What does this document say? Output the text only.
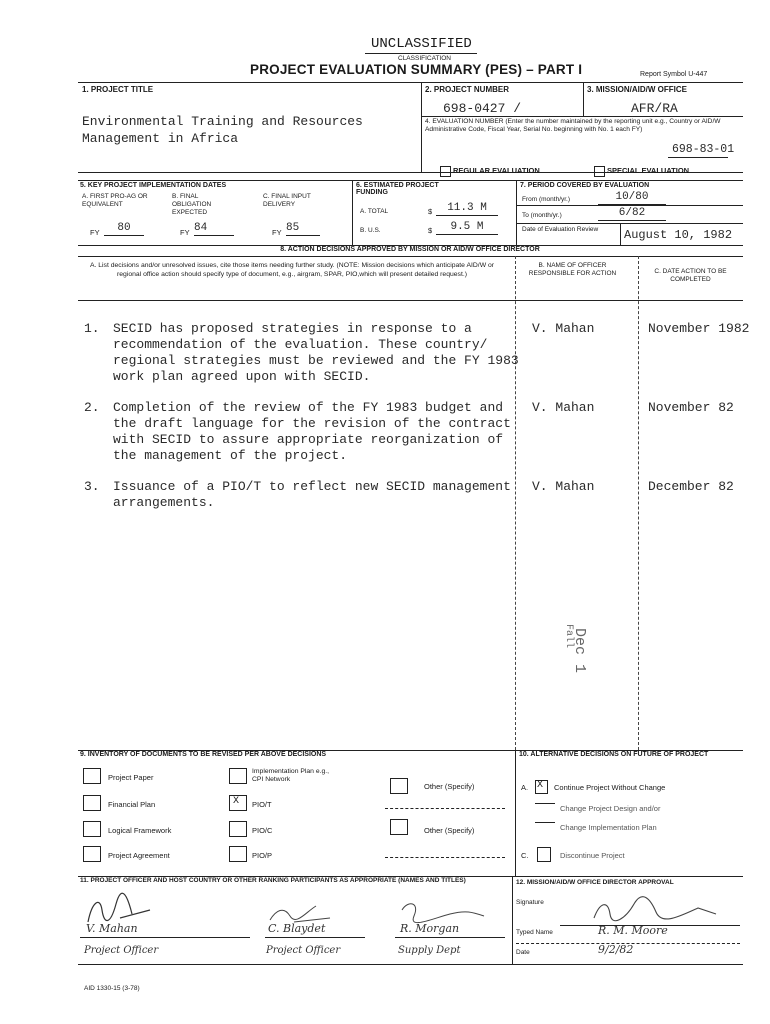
UNCLASSIFIED
CLASSIFICATION
PROJECT EVALUATION SUMMARY (PES) – PART I	Report Symbol U-447
1. PROJECT TITLE
Environmental Training and Resources
Management in Africa
2. PROJECT NUMBER
698-0427 /
3. MISSION/AID/W OFFICE
AFR/RA
4. EVALUATION NUMBER (Enter the number maintained by the reporting unit e.g., Country or AID/W Administrative Code, Fiscal Year, Serial No. beginning with No. 1 each FY)
698-83-01
REGULAR EVALUATION	SPECIAL EVALUATION
5. KEY PROJECT IMPLEMENTATION DATES
A. FIRST PRO-AG OR EQUIVALENT
B. FINAL OBLIGATION EXPECTED
C. FINAL INPUT DELIVERY
FY	80	FY 84	FY 85
6. ESTIMATED PROJECT FUNDING
A. TOTAL	$	11.3 M
B. U.S.	$	9.5 M
7. PERIOD COVERED BY EVALUATION
From (month/yr.)	10/80
To (month/yr.)	6/82
Date of Evaluation Review	August 10, 1982
8. ACTION DECISIONS APPROVED BY MISSION OR AID/W OFFICE DIRECTOR
A. List decisions and/or unresolved issues, cite those items needing further study. (NOTE: Mission decisions which anticipate AID/W or regional office action should specify type of document, e.g., airgram, SPAR, PIO,which will present detailed request.)
B. NAME OF OFFICER RESPONSIBLE FOR ACTION	C. DATE ACTION TO BE COMPLETED
1. SECID has proposed strategies in response to a
recommendation of the evaluation. These country/
regional strategies must be reviewed and the FY 1983
work plan agreed upon with SECID.
V. Mahan	November 1982
2. Completion of the review of the FY 1983 budget and
the draft language for the revision of the contract
with SECID to assure appropriate reorganization of
the management of the project.
V. Mahan	November 82
3. Issuance of a PIO/T to reflect new SECID management
arrangements.
V. Mahan	December 82
Dec 1
Fall
9. INVENTORY OF DOCUMENTS TO BE REVISED PER ABOVE DECISIONS
Project Paper
Financial Plan
Logical Framework
Project Agreement
Implementation Plan e.g., CPI Network
X PIO/T
PIO/C
PIO/P
Other (Specify)
Other (Specify)
10. ALTERNATIVE DECISIONS ON FUTURE OF PROJECT
A. X Continue Project Without Change
Change Project Design and/or
Change Implementation Plan
C.	Discontinue Project
11. PROJECT OFFICER AND HOST COUNTRY OR OTHER RANKING PARTICIPANTS AS APPROPRIATE (NAMES AND TITLES)
V. Mahan	C. Blaydet	R. Morgan
Project Officer	Project Officer	Supply Dept
12. MISSION/AID/W OFFICE DIRECTOR APPROVAL
Signature
Typed Name	R. M. Moore
Date	9/2/82
AID 1330-15 (3-78)
